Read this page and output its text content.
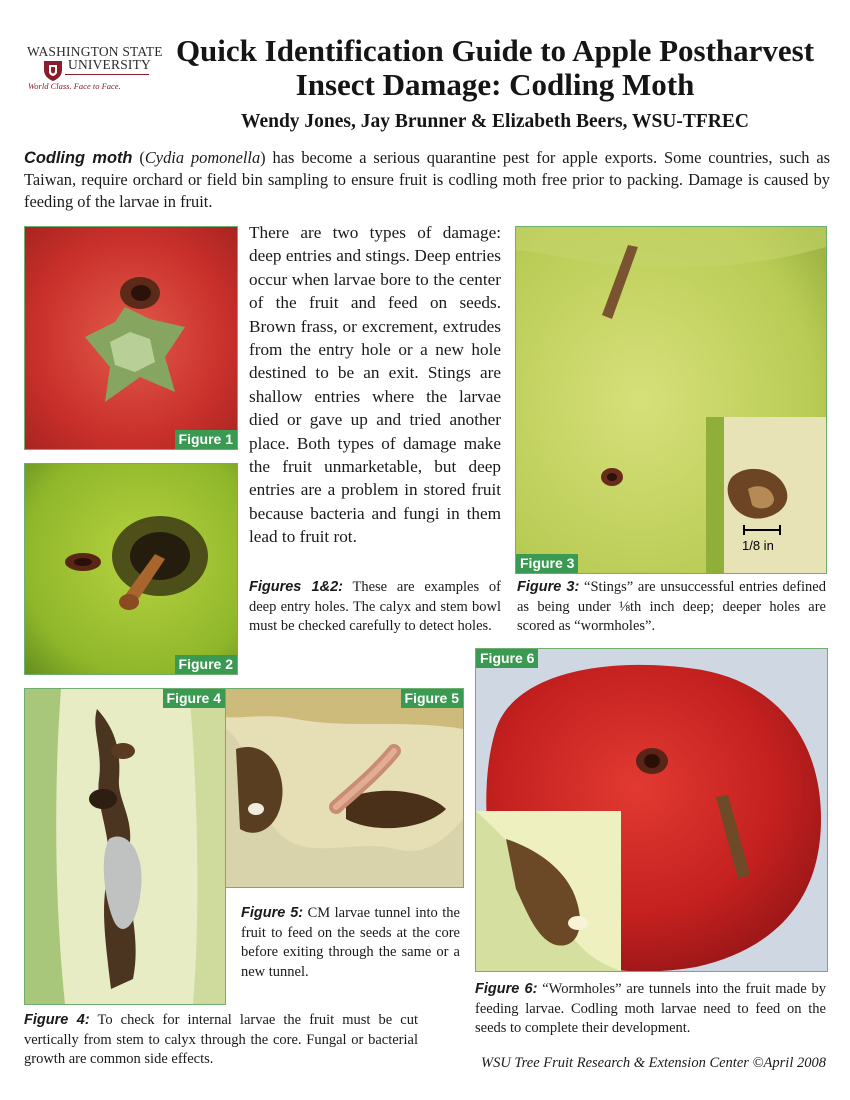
WASHINGTON STATE
UNIVERSITY
World Class. Face to Face.
Quick Identification Guide to Apple Postharvest
Insect Damage: Codling Moth
Wendy Jones, Jay Brunner & Elizabeth Beers, WSU-TFREC
Codling moth (Cydia pomonella) has become a serious quarantine pest for apple exports. Some countries, such as Taiwan, require orchard or field bin sampling to ensure fruit is codling moth free prior to packing. Damage is caused by feeding of the larvae in fruit.
Figure 1
Figure 2
There are two types of damage: deep entries and stings. Deep entries occur when larvae bore to the center of the fruit and feed on seeds. Brown frass, or excrement, extrudes from the entry hole or a new hole destined to be an exit. Stings are shallow entries where the larvae died or gave up and tried another place. Both types of damage make the fruit unmarketable, but deep entries are a problem in stored fruit because bacteria and fungi in them lead to fruit rot.
Figures 1&2: These are examples of deep entry holes. The calyx and stem bowl must be checked carefully to detect holes.
1/8 in
Figure 3
Figure 3: “Stings” are unsuccessful entries defined as being under ⅛th inch deep; deeper holes are scored as “wormholes”.
Figure 4	Figure 5
Figure 5: CM larvae tunnel into the fruit to feed on the seeds at the core before exiting through the same or a new tunnel.
Figure 4: To check for internal larvae the fruit must be cut vertically from stem to calyx through the core. Fungal or bacterial growth are common side effects.
Figure 6
Figure 6: “Wormholes” are tunnels into the fruit made by feeding larvae. Codling moth larvae need to feed on the seeds to complete their development.
WSU Tree Fruit Research & Extension Center ©April 2008
